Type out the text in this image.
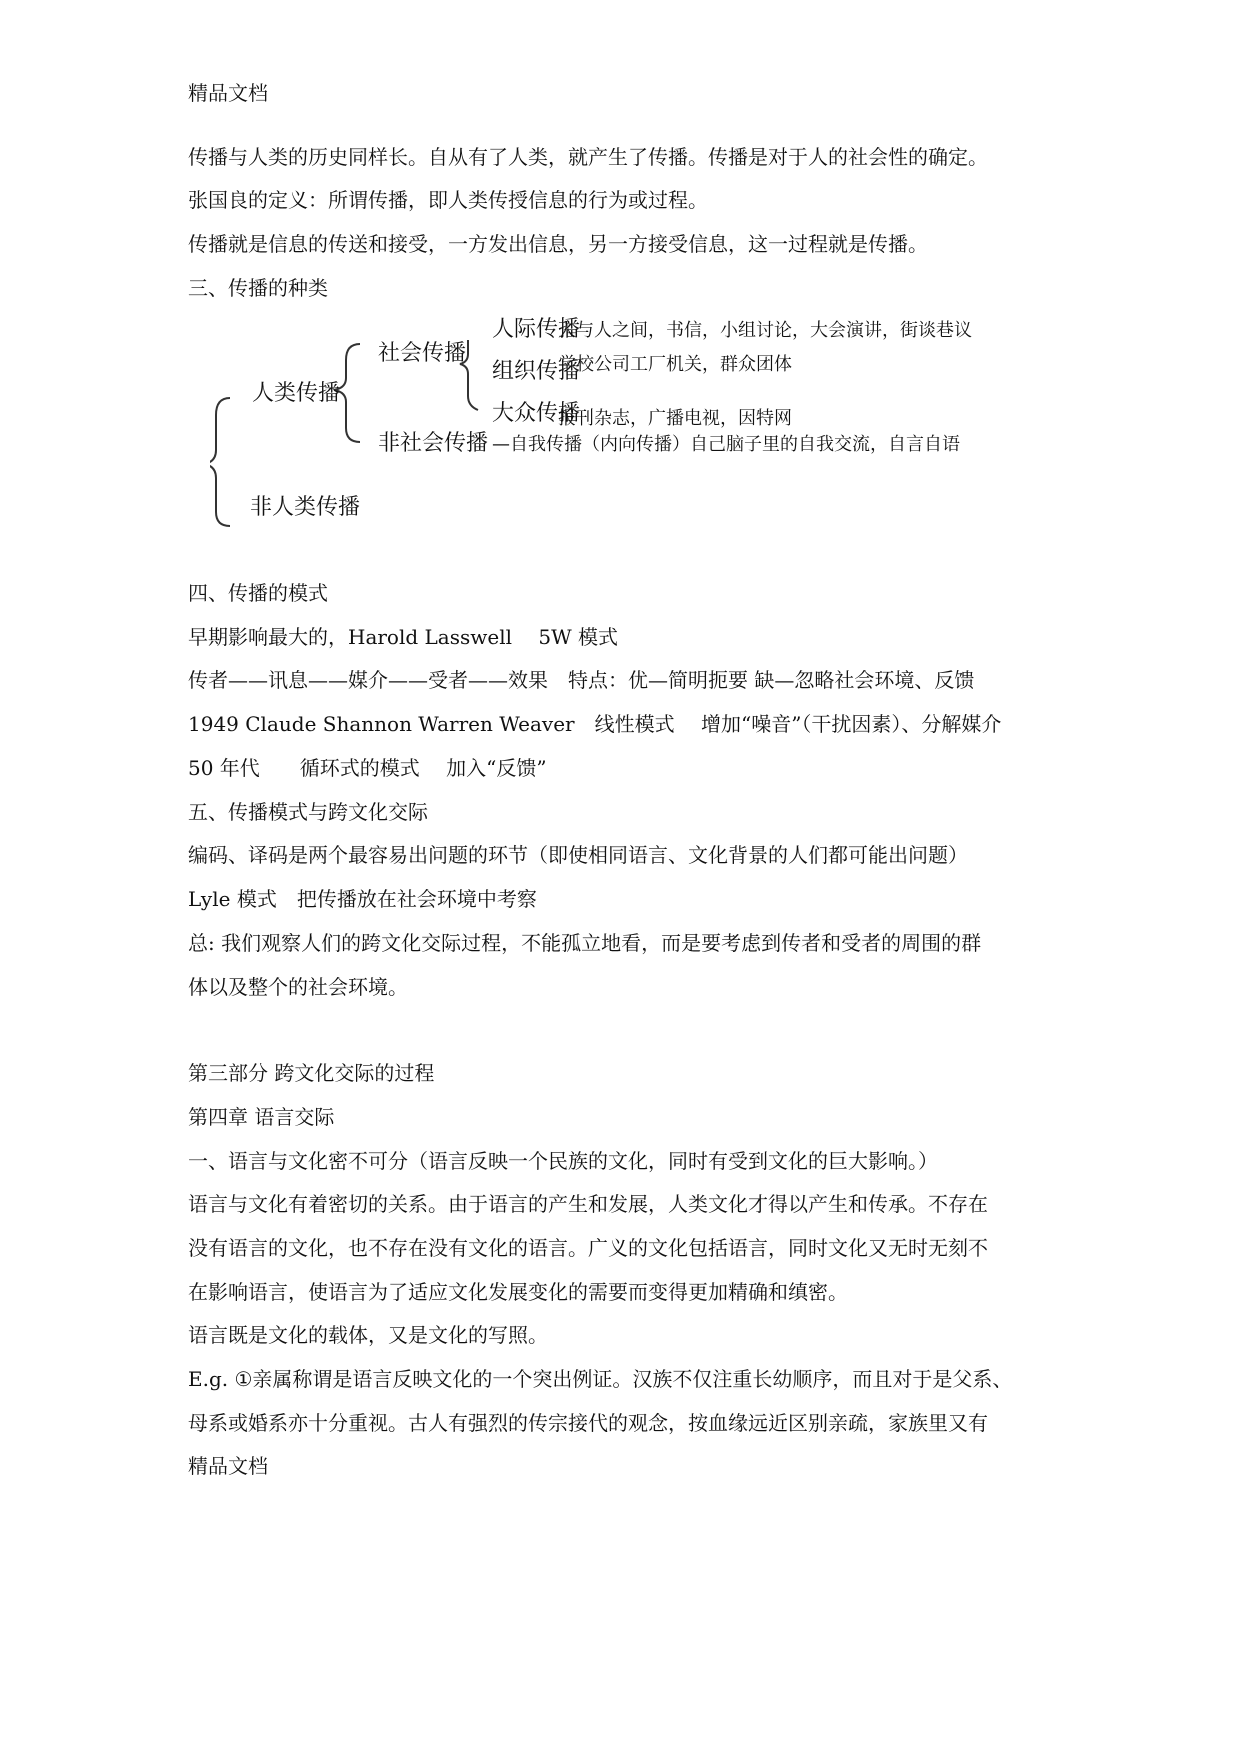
精品文档
传播与人类的历史同样长。自从有了人类，就产生了传播。传播是对于人的社会性的确定。
张国良的定义：所谓传播，即人类传授信息的行为或过程。
传播就是信息的传送和接受，一方发出信息，另一方接受信息，这一过程就是传播。
三、传播的种类
人类传播
非人类传播
社会传播
非社会传播
人际传播
人与人之间，书信，小组讨论，大会演讲，街谈巷议
组织传播
学校公司工厂机关，群众团体
大众传播
报刊杂志，广播电视，因特网
—自我传播（内向传播）自己脑子里的自我交流，自言自语
四、传播的模式
早期影响最大的，Harold Lasswell　 5W 模式
传者——讯息——媒介——受者——效果　特点：优—简明扼要 缺—忽略社会环境、反馈
1949 Claude Shannon Warren Weaver　线性模式　 增加“噪音”（干扰因素）、分解媒介
50 年代　　循环式的模式　 加入“反馈”
五、传播模式与跨文化交际
编码、译码是两个最容易出问题的环节（即使相同语言、文化背景的人们都可能出问题）
Lyle 模式　把传播放在社会环境中考察
总: 我们观察人们的跨文化交际过程，不能孤立地看，而是要考虑到传者和受者的周围的群
体以及整个的社会环境。
第三部分 跨文化交际的过程
第四章 语言交际
一、语言与文化密不可分（语言反映一个民族的文化，同时有受到文化的巨大影响。）
语言与文化有着密切的关系。由于语言的产生和发展，人类文化才得以产生和传承。不存在
没有语言的文化，也不存在没有文化的语言。广义的文化包括语言，同时文化又无时无刻不
在影响语言，使语言为了适应文化发展变化的需要而变得更加精确和缜密。
语言既是文化的载体，又是文化的写照。
E.g. ①亲属称谓是语言反映文化的一个突出例证。汉族不仅注重长幼顺序，而且对于是父系、
母系或婚系亦十分重视。古人有强烈的传宗接代的观念，按血缘远近区别亲疏，家族里又有
精品文档
